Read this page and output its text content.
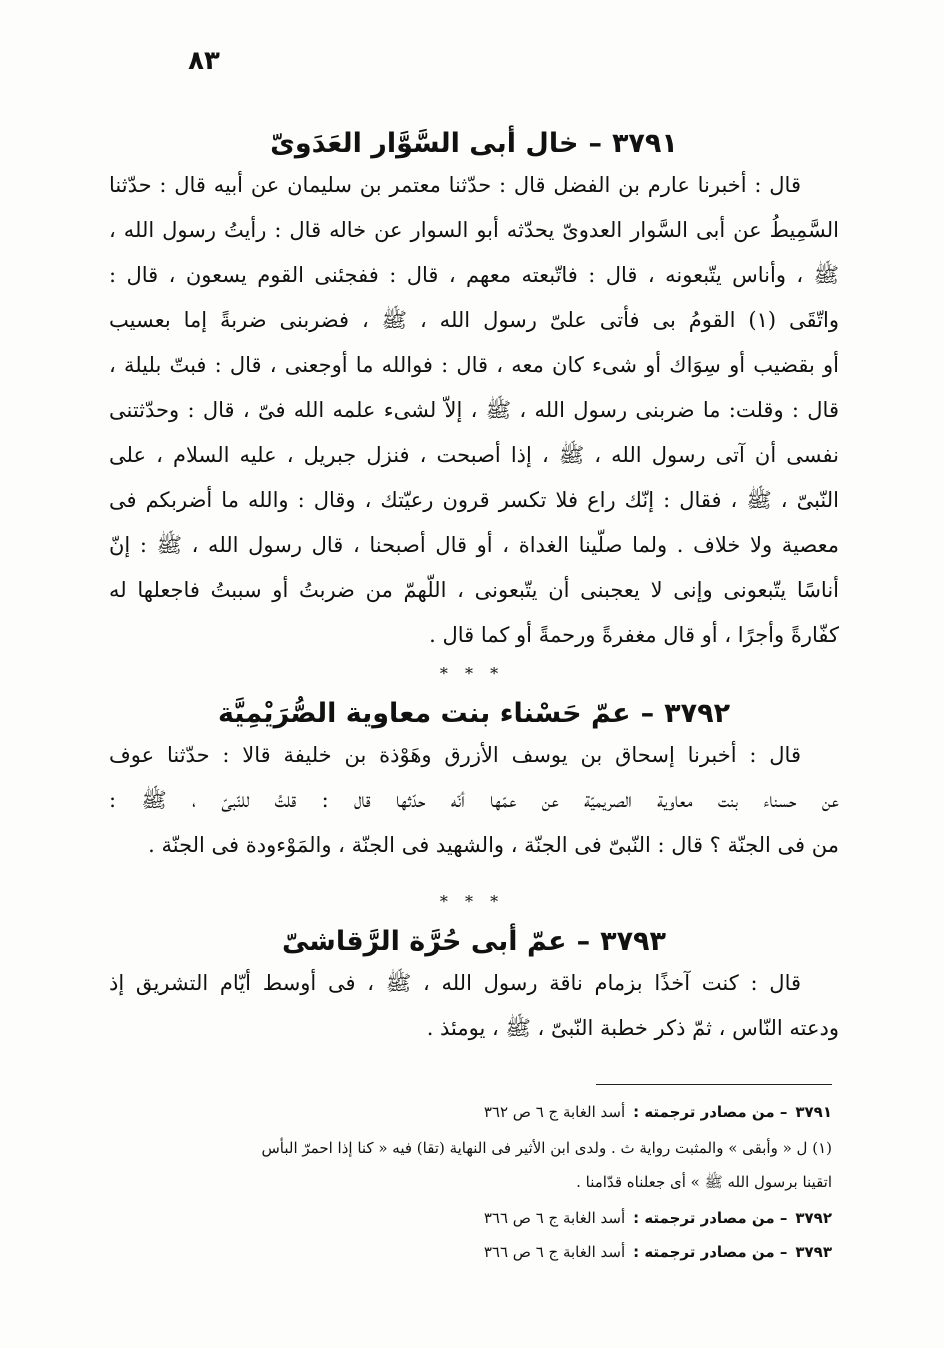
٨٣
٣٧٩١–خال أبى السَّوَّار العَدَوىّ
قال : أخبرنا عارم بن الفضل قال : حدّثنا معتمر بن سليمان عن أبيه قال : حدّثنا
السَّمِيطُ عن أبى السَّوار العدوىّ يحدّثه أبو السوار عن خاله قال : رأيتُ رسول الله ،
ﷺ ، وأناس يتّبعونه ، قال : فاتّبعته معهم ، قال : ففجئنى القوم يسعون ، قال :
واتّقَى (١) القومُ بى فأتى علىّ رسول الله ، ﷺ ، فضربنى ضربةً إما بعسيب
أو بقضيب أو سِوَاك أو شىء كان معه ، قال : فوالله ما أوجعنى ، قال : فبتّ بليلة ،
قال : وقلت: ما ضربنى رسول الله ، ﷺ ، إلاّ لشىء علمه الله فىّ ، قال : وحدّثتنى
نفسى أن آتى رسول الله ، ﷺ ، إذا أصبحت ، فنزل جبريل ، عليه السلام ، على
النّبىّ ، ﷺ ، فقال : إنّك راع فلا تكسر قرون رعيّتك ، وقال : والله ما أضربكم فى
معصية ولا خلاف . ولما صلّينا الغداة ، أو قال أصبحنا ، قال رسول الله ، ﷺ : إنّ
أناسًا يتّبعونى وإنى لا يعجبنى أن يتّبعونى ، اللّهمّ من ضربتُ أو سببتُ فاجعلها له
كفّارةً وأجرًا ، أو قال مغفرةً ورحمةً أو كما قال .
* * *
٣٧٩٢–عمّ حَسْناء بنت معاوية الصُّرَيْمِيَّة
قال : أخبرنا إسحاق بن يوسف الأزرق وهَوْذة بن خليفة قالا : حدّثنا عوف
عن حسناء بنت معاوية الصريميّة عن عمّها أنّه حدّثها قال : قلتُ للنّبىّ ، ﷺ :
من فى الجنّة ؟ قال : النّبىّ فى الجنّة ، والشهيد فى الجنّة ، والمَوْءودة فى الجنّة .
* * *
٣٧٩٣–عمّ أبى حُرَّة الرَّقاشىّ
قال : كنت آخذًا بزمام ناقة رسول الله ، ﷺ ، فى أوسط أيّام التشريق إذ
ودعته النّاس ، ثمّ ذكر خطبة النّبىّ ، ﷺ ، يومئذ .
٣٧٩١– من مصادر ترجمته :أسد الغابة ج ٦ ص ٣٦٢
(١) ل « وأبقى » والمثبت رواية ث . ولدى ابن الأثير فى النهاية (تقا) فيه « كنا إذا احمرّ البأس
اتقينا برسول الله ﷺ » أى جعلناه قدّامنا .
٣٧٩٢– من مصادر ترجمته :أسد الغابة ج ٦ ص ٣٦٦
٣٧٩٣– من مصادر ترجمته :أسد الغابة ج ٦ ص ٣٦٦
